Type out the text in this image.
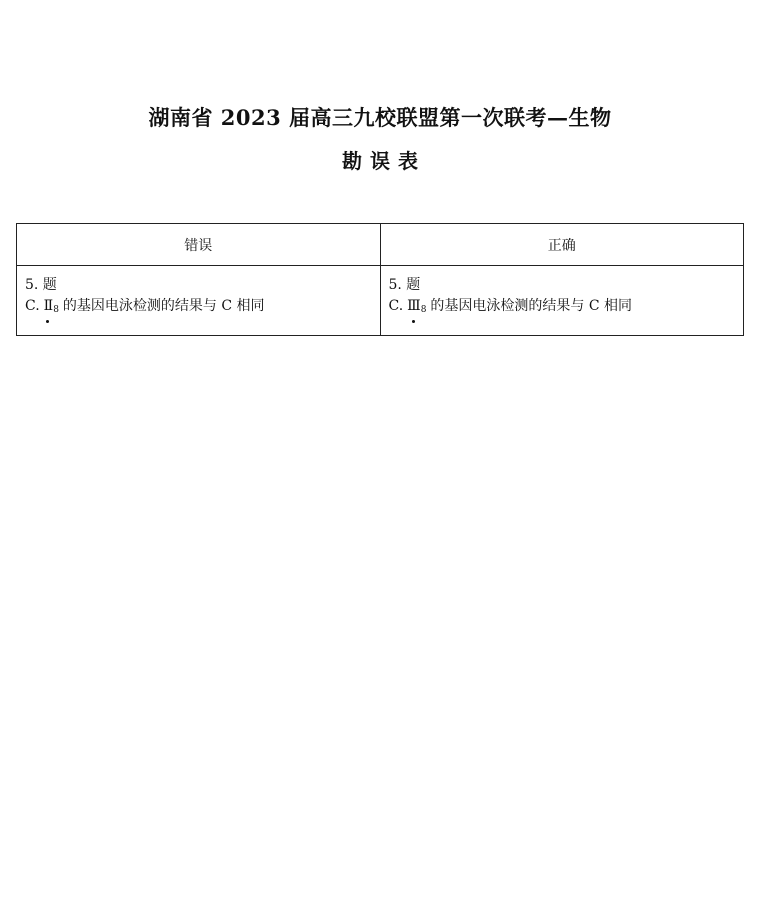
湖南省 2023 届高三九校联盟第一次联考—生物
勘误表
错误	正确

5. 题
C. Ⅱ
$_8$ 的基因电泳检测的结果与 C 相同	5. 题
C. Ⅲ
$_8$ 的基因电泳检测的结果与 C 相同
